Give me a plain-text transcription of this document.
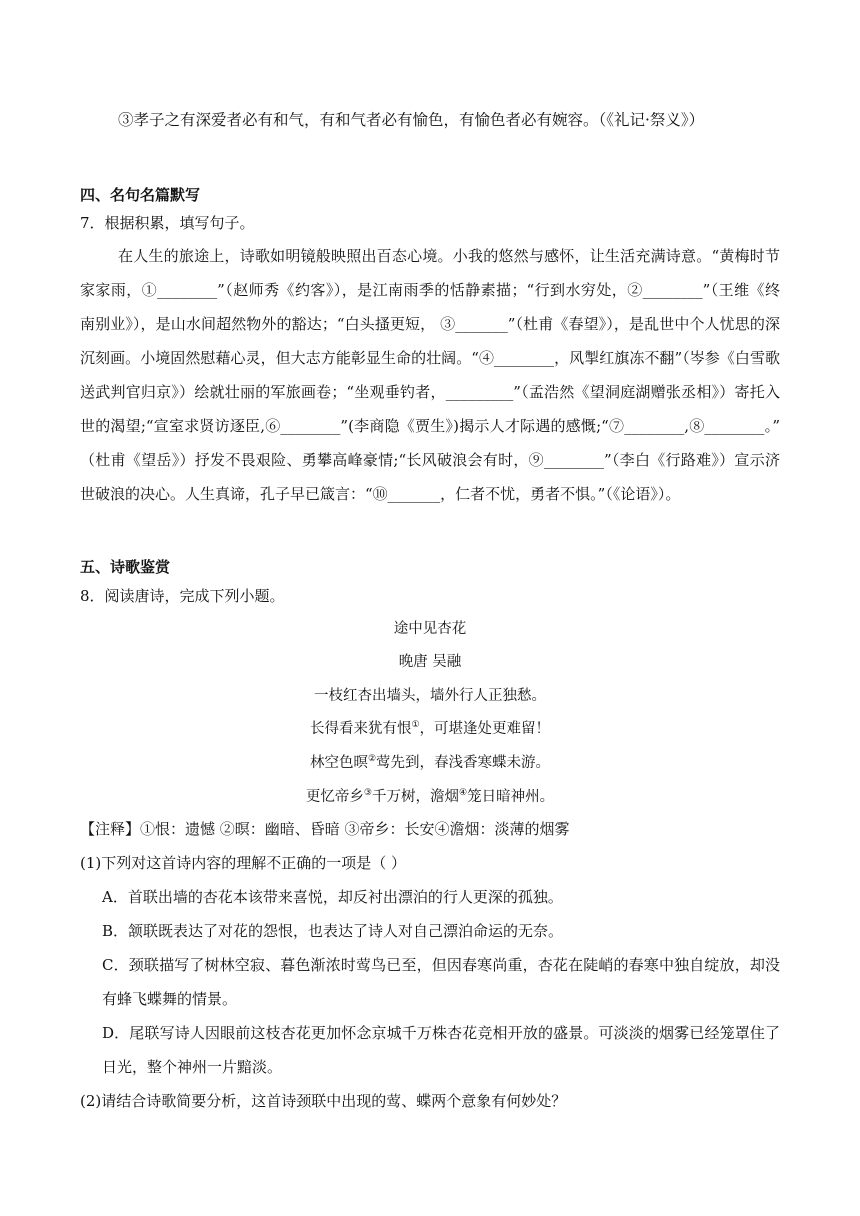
③孝子之有深爱者必有和气，有和气者必有愉色，有愉色者必有婉容。（《礼记·祭义》）
四、名句名篇默写
7．根据积累，填写句子。
在人生的旅途上，诗歌如明镜般映照出百态心境。小我的悠然与感怀，让生活充满诗意。“黄梅时节
家家雨，①________”（赵师秀《约客》），是江南雨季的恬静素描；“行到水穷处，②________”（王维《终
南别业》），是山水间超然物外的豁达；“白头搔更短， ③_______”（杜甫《春望》），是乱世中个人忧思的深
沉刻画。小境固然慰藉心灵，但大志方能彰显生命的壮阔。“④________，风掣红旗冻不翻”（岑参《白雪歌
送武判官归京》）绘就壮丽的军旅画卷；“坐观垂钓者，_________”（孟浩然《望洞庭湖赠张丞相》）寄托入
世的渴望;“宣室求贤访逐臣,⑥________”(李商隐《贾生》)揭示人才际遇的感慨;“⑦________,⑧________。”
（杜甫《望岳》）抒发不畏艰险、勇攀高峰豪情;“长风破浪会有时，⑨________”（李白《行路难》）宣示济
世破浪的决心。人生真谛，孔子早已箴言：“⑩_______，仁者不忧，勇者不惧。”（《论语》）。
五、诗歌鉴赏
8．阅读唐诗，完成下列小题。
途中见杏花
晚唐 吴融
一枝红杏出墙头，墙外行人正独愁。
长得看来犹有恨①，可堪逢处更难留！
林空色暝②莺先到，春浅香寒蝶未游。
更忆帝乡③千万树，澹烟④笼日暗神州。
【注释】①恨：遗憾 ②暝：幽暗、昏暗 ③帝乡：长安④澹烟：淡薄的烟雾
(1)下列对这首诗内容的理解不正确的一项是（ ）
A．首联出墙的杏花本该带来喜悦，却反衬出漂泊的行人更深的孤独。
B．颔联既表达了对花的怨恨，也表达了诗人对自己漂泊命运的无奈。
C．颈联描写了树林空寂、暮色渐浓时莺鸟已至，但因春寒尚重，杏花在陡峭的春寒中独自绽放，却没
有蜂飞蝶舞的情景。
D．尾联写诗人因眼前这枝杏花更加怀念京城千万株杏花竞相开放的盛景。可淡淡的烟雾已经笼罩住了
日光，整个神州一片黯淡。
(2)请结合诗歌简要分析，这首诗颈联中出现的莺、蝶两个意象有何妙处？
